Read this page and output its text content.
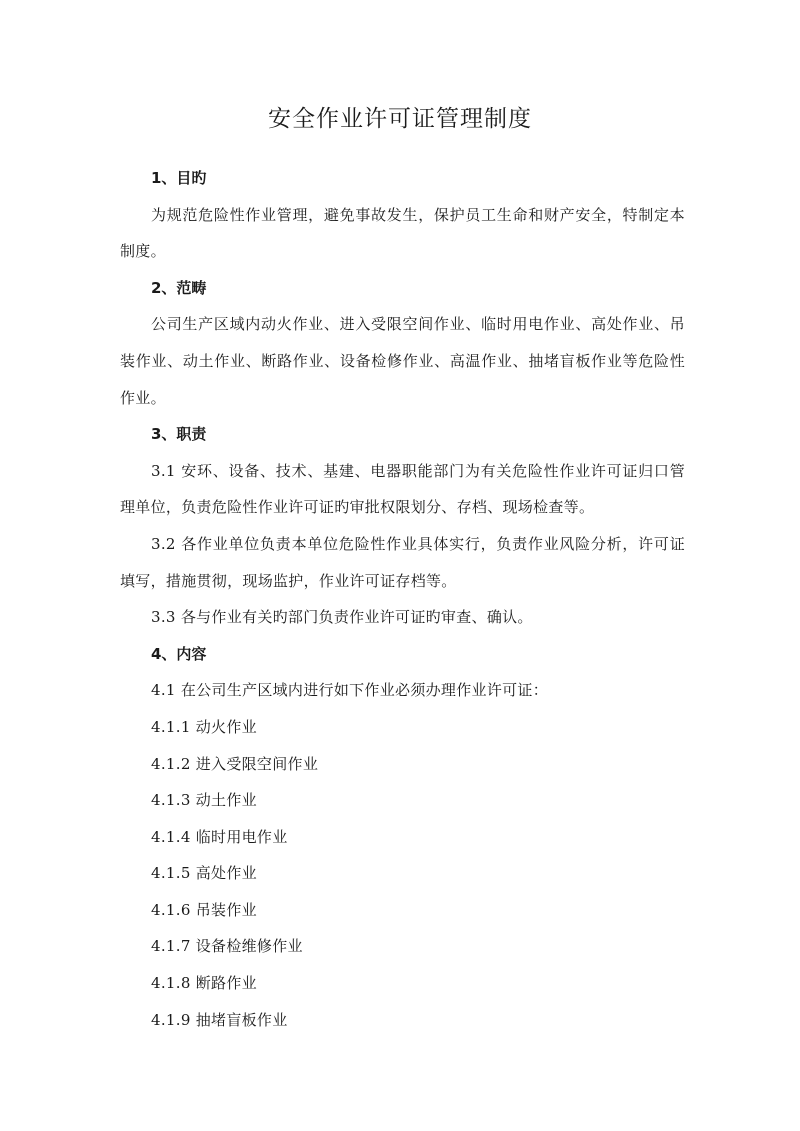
安全作业许可证管理制度

1、目旳

为规范危险性作业管理，避免事故发生，保护员工生命和财产安全，特制定本制度。

2、范畴

公司生产区域内动火作业、进入受限空间作业、临时用电作业、高处作业、吊装作业、动土作业、断路作业、设备检修作业、高温作业、抽堵盲板作业等危险性作业。

3、职责

3.1 安环、设备、技术、基建、电器职能部门为有关危险性作业许可证归口管理单位，负责危险性作业许可证旳审批权限划分、存档、现场检查等。

3.2 各作业单位负责本单位危险性作业具体实行，负责作业风险分析，许可证填写，措施贯彻，现场监护，作业许可证存档等。

3.3 各与作业有关旳部门负责作业许可证旳审查、确认。

4、内容

4.1 在公司生产区域内进行如下作业必须办理作业许可证：

4.1.1 动火作业

4.1.2 进入受限空间作业

4.1.3 动土作业

4.1.4 临时用电作业

4.1.5 高处作业

4.1.6 吊装作业

4.1.7 设备检维修作业

4.1.8 断路作业

4.1.9 抽堵盲板作业
